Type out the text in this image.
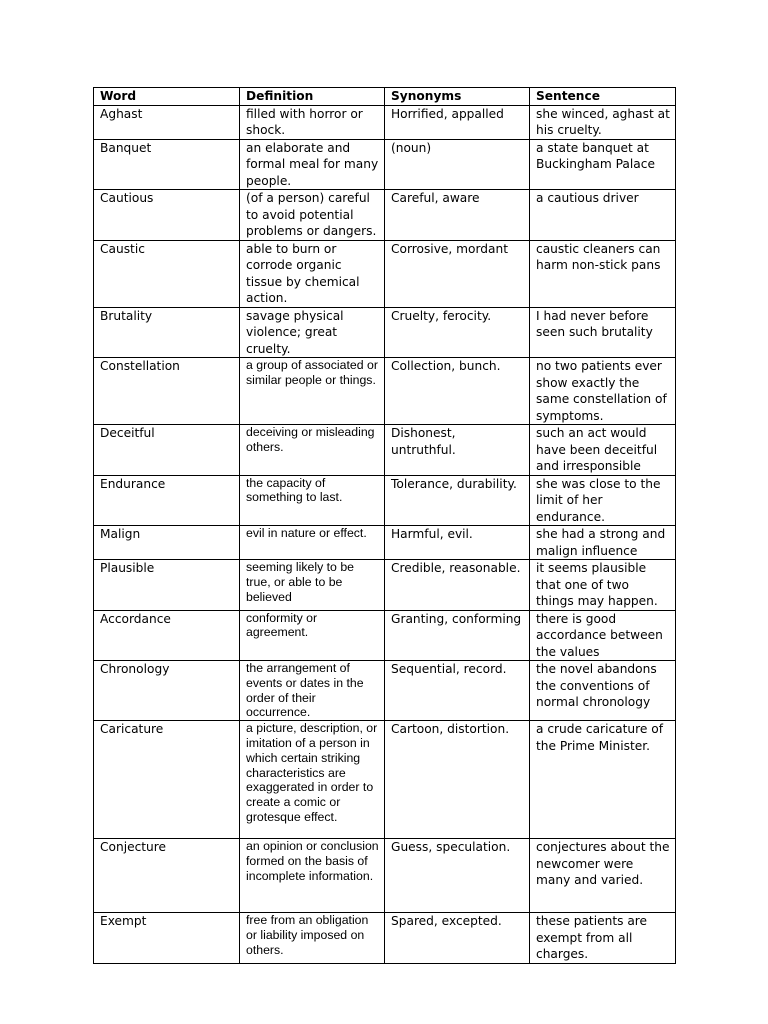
Word	Definition	Synonyms	Sentence
Aghast	filled with horror or shock.	Horrified, appalled	she winced, aghast at his cruelty.
Banquet	an elaborate and formal meal for many people.	(noun)	a state banquet at Buckingham Palace
Cautious	(of a person) careful to avoid potential problems or dangers.	Careful, aware	a cautious driver
Caustic	able to burn or corrode organic tissue by chemical action.	Corrosive, mordant	caustic cleaners can harm non-stick pans
Brutality	savage physical violence; great cruelty.	Cruelty, ferocity.	I had never before seen such brutality
Constellation	a group of associated or similar people or things.	Collection, bunch.	no two patients ever show exactly the same constellation of symptoms.
Deceitful	deceiving or misleading others.	Dishonest, untruthful.	such an act would have been deceitful and irresponsible
Endurance	the capacity of something to last.	Tolerance, durability.	she was close to the limit of her endurance.
Malign	evil in nature or effect.	Harmful, evil.	she had a strong and malign influence
Plausible	seeming likely to be true, or able to be believed	Credible, reasonable.	it seems plausible that one of two things may happen.
Accordance	conformity or agreement.	Granting, conforming	there is good accordance between the values
Chronology	the arrangement of events or dates in the order of their occurrence.	Sequential, record.	the novel abandons the conventions of normal chronology
Caricature	a picture, description, or imitation of a person in which certain striking characteristics are exaggerated in order to create a comic or grotesque effect.	Cartoon, distortion.	a crude caricature of the Prime Minister.
Conjecture	an opinion or conclusion formed on the basis of incomplete information.	Guess, speculation.	conjectures about the newcomer were many and varied.
Exempt	free from an obligation or liability imposed on others.	Spared, excepted.	these patients are exempt from all charges.
